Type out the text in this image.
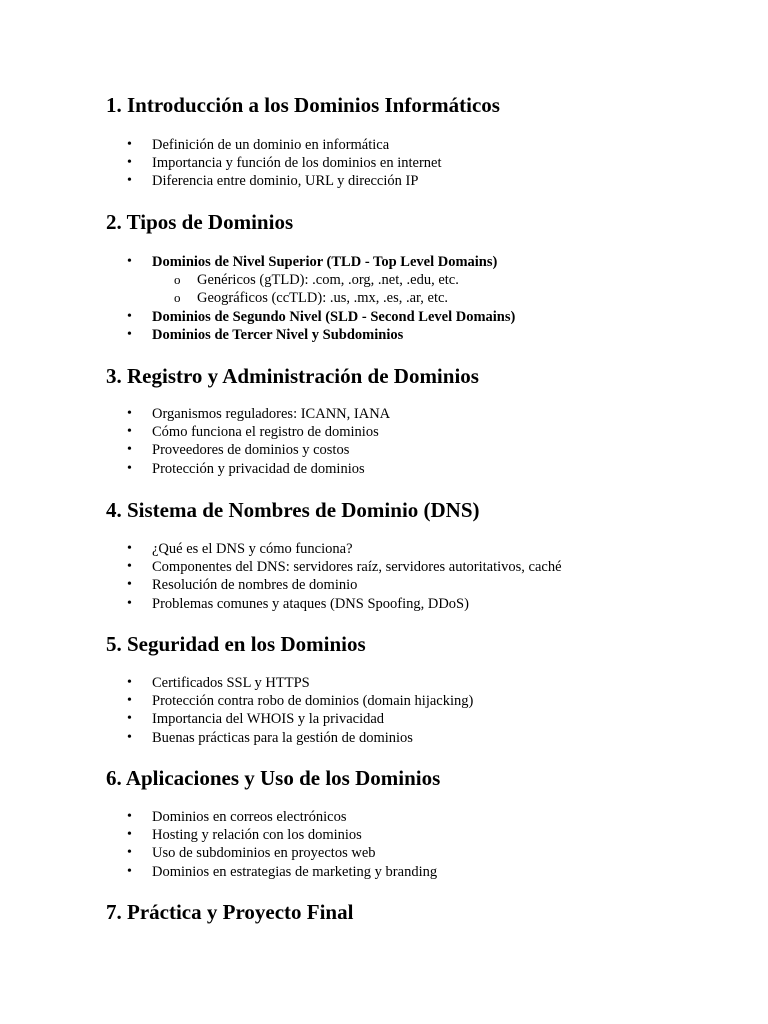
1. Introducción a los Dominios Informáticos
• Definición de un dominio en informática
• Importancia y función de los dominios en internet
• Diferencia entre dominio, URL y dirección IP
2. Tipos de Dominios
• Dominios de Nivel Superior (TLD - Top Level Domains)
o Genéricos (gTLD): .com, .org, .net, .edu, etc.
o Geográficos (ccTLD): .us, .mx, .es, .ar, etc.
• Dominios de Segundo Nivel (SLD - Second Level Domains)
• Dominios de Tercer Nivel y Subdominios
3. Registro y Administración de Dominios
• Organismos reguladores: ICANN, IANA
• Cómo funciona el registro de dominios
• Proveedores de dominios y costos
• Protección y privacidad de dominios
4. Sistema de Nombres de Dominio (DNS)
• ¿Qué es el DNS y cómo funciona?
• Componentes del DNS: servidores raíz, servidores autoritativos, caché
• Resolución de nombres de dominio
• Problemas comunes y ataques (DNS Spoofing, DDoS)
5. Seguridad en los Dominios
• Certificados SSL y HTTPS
• Protección contra robo de dominios (domain hijacking)
• Importancia del WHOIS y la privacidad
• Buenas prácticas para la gestión de dominios
6. Aplicaciones y Uso de los Dominios
• Dominios en correos electrónicos
• Hosting y relación con los dominios
• Uso de subdominios en proyectos web
• Dominios en estrategias de marketing y branding
7. Práctica y Proyecto Final
